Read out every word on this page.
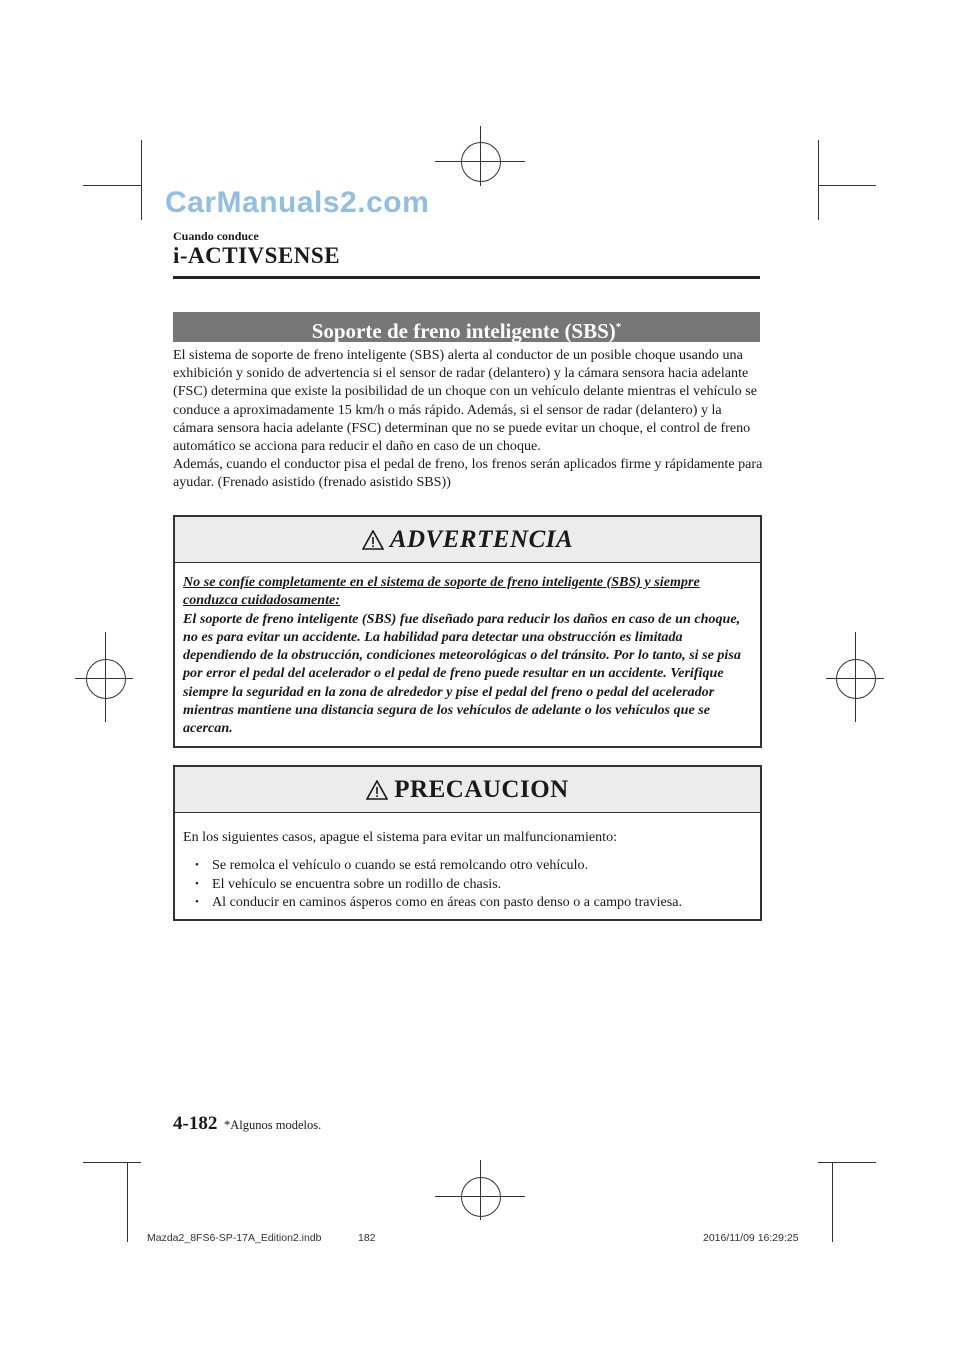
CarManuals2.com
Cuando conduce
i-ACTIVSENSE
Soporte de freno inteligente (SBS)*

El sistema de soporte de freno inteligente (SBS) alerta al conductor de un posible choque usando una exhibición y sonido de advertencia si el sensor de radar (delantero) y la cámara sensora hacia adelante (FSC) determina que existe la posibilidad de un choque con un vehículo delante mientras el vehículo se conduce a aproximadamente 15 km/h o más rápido. Además, si el sensor de radar (delantero) y la cámara sensora hacia adelante (FSC) determinan que no se puede evitar un choque, el control de freno automático se acciona para reducir el daño en caso de un choque.

Además, cuando el conductor pisa el pedal de freno, los frenos serán aplicados firme y rápidamente para ayudar. (Frenado asistido (frenado asistido SBS))

ADVERTENCIA
No se confíe completamente en el sistema de soporte de freno inteligente (SBS) y siempre conduzca cuidadosamente:
El soporte de freno inteligente (SBS) fue diseñado para reducir los daños en caso de un choque, no es para evitar un accidente. La habilidad para detectar una obstrucción es limitada dependiendo de la obstrucción, condiciones meteorológicas o del tránsito. Por lo tanto, si se pisa por error el pedal del acelerador o el pedal de freno puede resultar en un accidente. Verifique siempre la seguridad en la zona de alrededor y pise el pedal del freno o pedal del acelerador mientras mantiene una distancia segura de los vehículos de adelante o los vehículos que se acercan.
PRECAUCION
En los siguientes casos, apague el sistema para evitar un malfuncionamiento:
• Se remolca el vehículo o cuando se está remolcando otro vehículo.
• El vehículo se encuentra sobre un rodillo de chasis.
• Al conducir en caminos ásperos como en áreas con pasto denso o a campo traviesa.
4-182 *Algunos modelos.
Mazda2_8FS6-SP-17A_Edition2.indb	182	2016/11/09 16:29:25
